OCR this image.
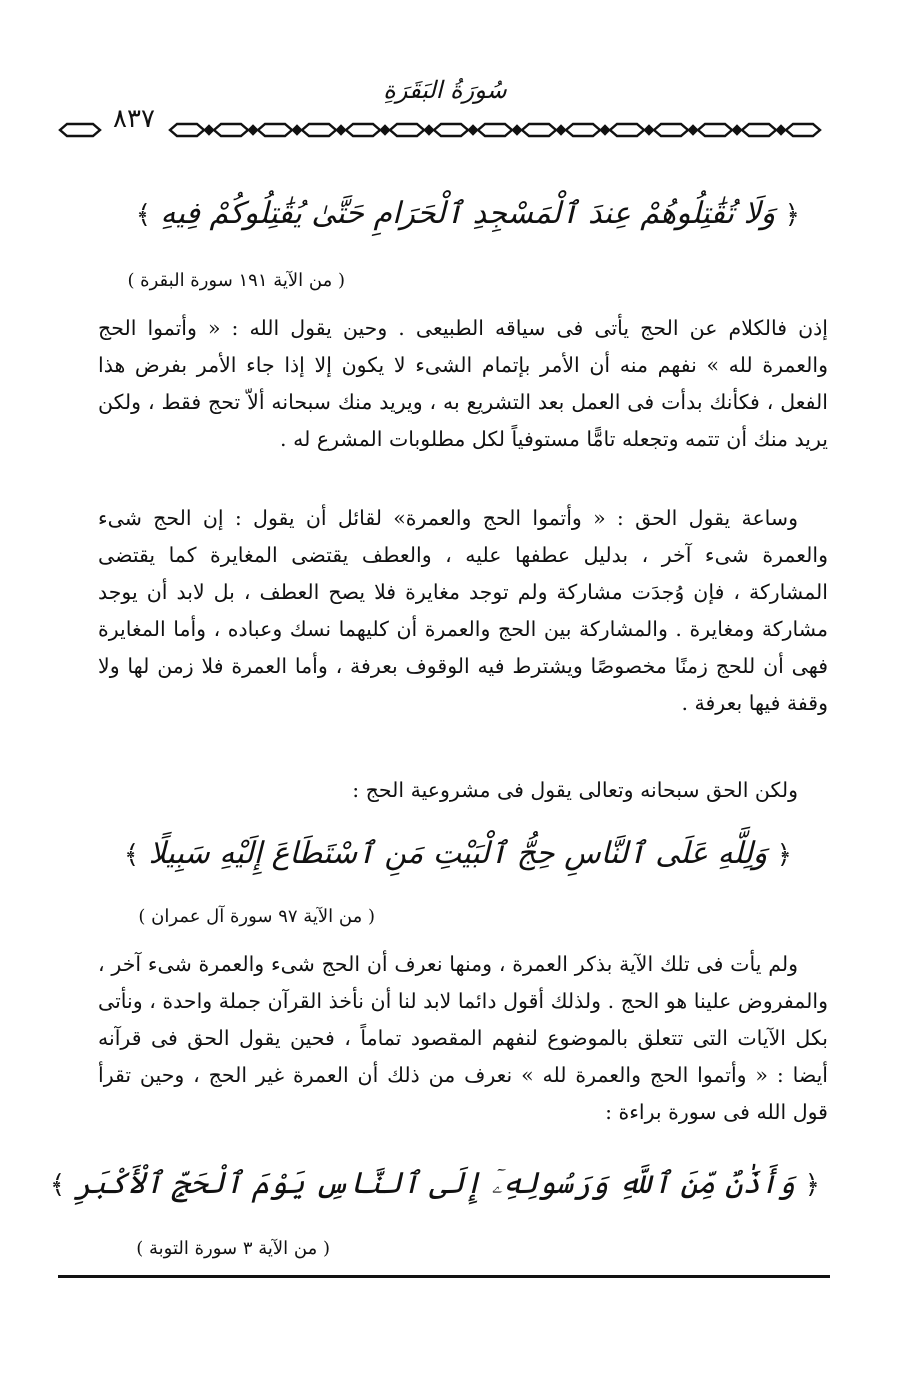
سُورَةُ البَقَرَةِ
٨٣٧
﴿ وَلَا تُقَٰتِلُوهُمْ عِندَ ٱلْمَسْجِدِ ٱلْحَرَامِ حَتَّىٰ يُقَٰتِلُوكُمْ فِيهِ ﴾
( من الآية ١٩١ سورة البقرة )
إذن فالكلام عن الحج يأتى فى سياقه الطبيعى . وحين يقول الله : « وأتموا الحج والعمرة لله » نفهم منه أن الأمر بإتمام الشىء لا يكون إلا إذا جاء الأمر بفرض هذا الفعل ، فكأنك بدأت فى العمل بعد التشريع به ، ويريد منك سبحانه ألاّ تحج فقط ، ولكن يريد منك أن تتمه وتجعله تامًّا مستوفياً لكل مطلوبات المشرع له .
وساعة يقول الحق : « وأتموا الحج والعمرة» لقائل أن يقول : إن الحج شىء والعمرة شىء آخر ، بدليل عطفها عليه ، والعطف يقتضى المغايرة كما يقتضى المشاركة ، فإن وُجدَت مشاركة ولم توجد مغايرة فلا يصح العطف ، بل لابد أن يوجد مشاركة ومغايرة . والمشاركة بين الحج والعمرة أن كليهما نسك وعباده ، وأما المغايرة فهى أن للحج زمنًا مخصوصًا ويشترط فيه الوقوف بعرفة ، وأما العمرة فلا زمن لها ولا وقفة فيها بعرفة .
ولكن الحق سبحانه وتعالى يقول فى مشروعية الحج :
﴿ وَلِلَّهِ عَلَى ٱلنَّاسِ حِجُّ ٱلْبَيْتِ مَنِ ٱسْتَطَاعَ إِلَيْهِ سَبِيلًا ﴾
( من الآية ٩٧ سورة آل عمران )
ولم يأت فى تلك الآية بذكر العمرة ، ومنها نعرف أن الحج شىء والعمرة شىء آخر ، والمفروض علينا هو الحج . ولذلك أقول دائما لابد لنا أن نأخذ القرآن جملة واحدة ، ونأتى بكل الآيات التى تتعلق بالموضوع لنفهم المقصود تماماً ، فحين يقول الحق فى قرآنه أيضا : « وأتموا الحج والعمرة لله » نعرف من ذلك أن العمرة غير الحج ، وحين تقرأ قول الله فى سورة براءة :
﴿ وَأَذَٰنٌ مِّنَ ٱللَّهِ وَرَسُولِهِۦٓ إِلَى ٱلنَّاسِ يَوْمَ ٱلْحَجِّ ٱلْأَكْبَرِ ﴾
( من الآية ٣ سورة التوبة )
